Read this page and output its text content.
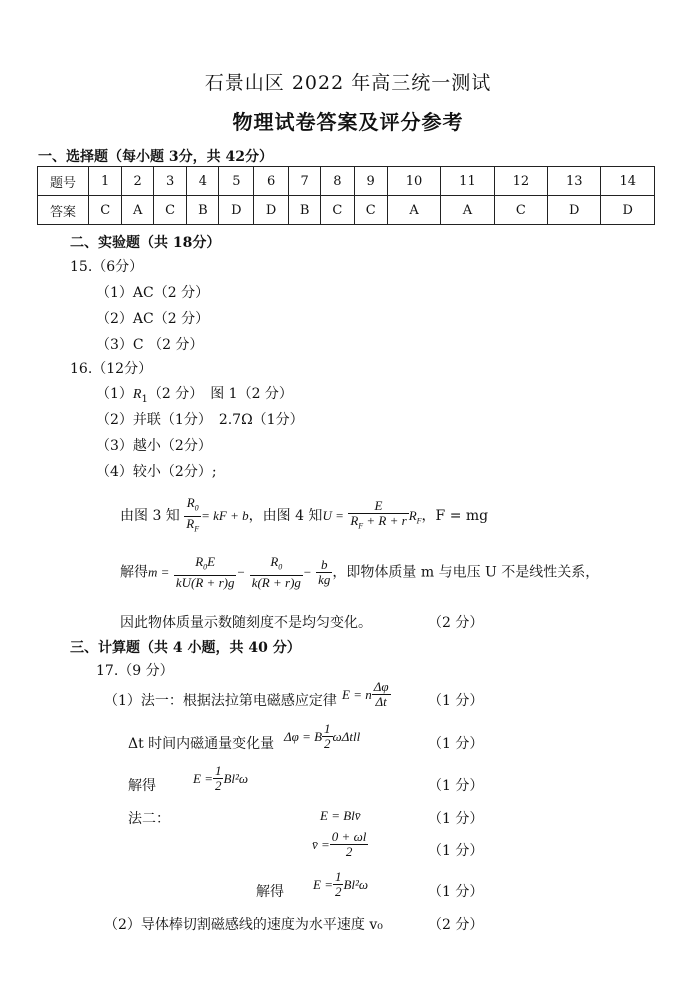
石景山区 2022 年高三统一测试
物理试卷答案及评分参考
一、选择题（每小题 3分，共 42分）
题号	1	2	3	4	5	6	7	8	9	10	11	12	13	14
答案	C	A	C	B	D	D	B	C	C	A	A	C	D	D
二、实验题（共 18分）
15.（6分）
（1）AC（2 分）
（2）AC（2 分）
（3）C （2 分）
16.（12分）
$(1)R_1(2$ 分）　图 1（2 分）
（2）并联（1分）　2.7Ω（1分）
（3）越小（2分）
（4）较小（2分）;
由图 3 知 $\frac{R_0}{R_F}$ = kF + b，由图 4 知$U = \frac{E}{R_F + R + r} R_F$，F = mg
解得$m = \frac{R_0E}{kU(R + r)g} - \frac{R_0}{k(R + r)g} - \frac{b}{kg}$ ，即物体质量 m 与电压 U 不是线性关系，
因此物体质量示数随刻度不是均匀变化。	（2 分）
三、计算题（共 4 小题，共 40 分）
17.（9 分）
（1）法一：根据法拉第电磁感应定律 E = n $\frac{\Delta\varphi}{\Delta t}$	（1 分）
Δt 时间内磁通量变化量 Δφ = B $\frac{1}{2}$ ωΔtll	（1 分）
解得	$E = \frac{1}{2} Bl^2\omega$	（1 分）
法二：	E = Blv̄	（1 分）
v̄ = $\frac{0 + \omega l}{2}$	（1 分）
解得 $E = \frac{1}{2} Bl^2\omega$	（1 分）
（2）导体棒切割磁感线的速度为水平速度 v₀	（2 分）
